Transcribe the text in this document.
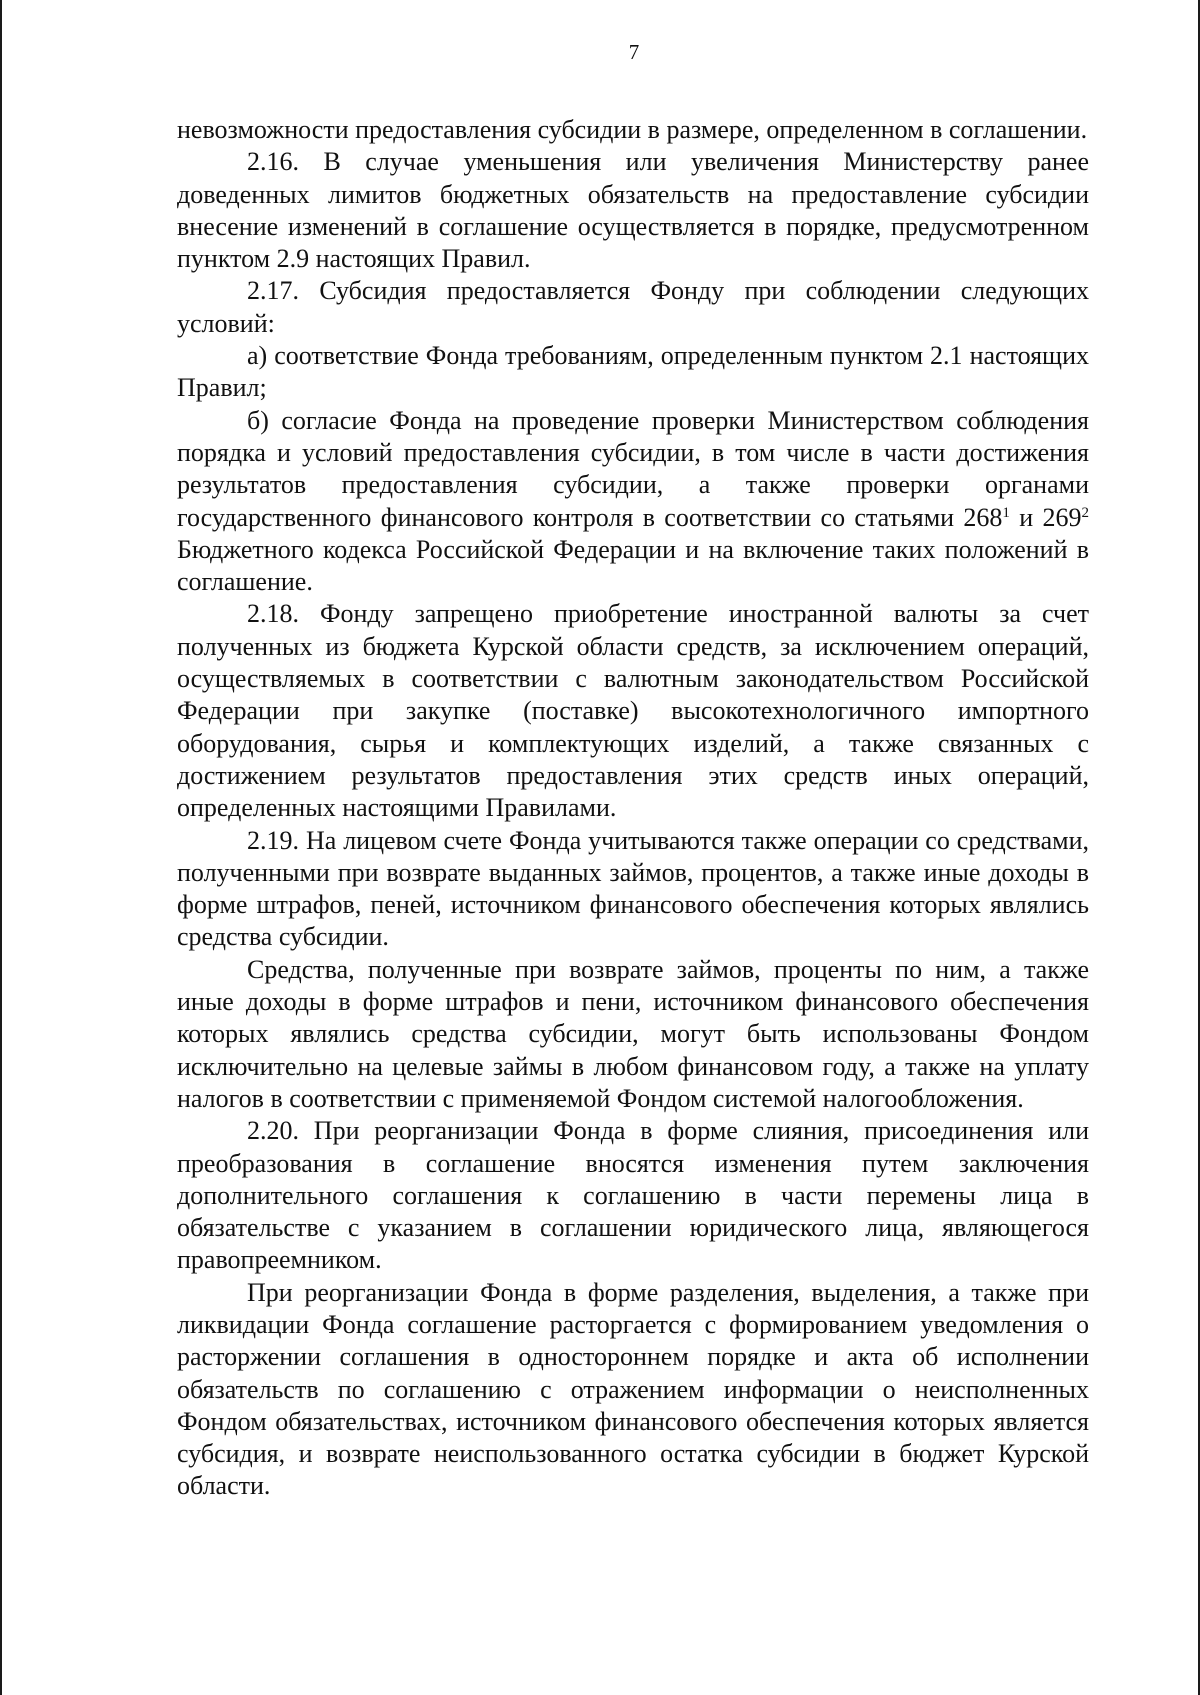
7

невозможности предоставления субсидии в размере, определенном в соглашении.

2.16. В случае уменьшения или увеличения Министерству ранее доведенных лимитов бюджетных обязательств на предоставление субсидии внесение изменений в соглашение осуществляется в порядке, предусмотренном пунктом 2.9 настоящих Правил.

2.17. Субсидия предоставляется Фонду при соблюдении следующих условий:

а) соответствие Фонда требованиям, определенным пунктом 2.1 настоящих Правил;

б) согласие Фонда на проведение проверки Министерством соблюдения порядка и условий предоставления субсидии, в том числе в части достижения результатов предоставления субсидии, а также проверки органами государственного финансового контроля в соответствии со статьями $268^1$ и $269^2$ Бюджетного кодекса Российской Федерации и на включение таких положений в соглашение.

2.18. Фонду запрещено приобретение иностранной валюты за счет полученных из бюджета Курской области средств, за исключением операций, осуществляемых в соответствии с валютным законодательством Российской Федерации при закупке (поставке) высокотехнологичного импортного оборудования, сырья и комплектующих изделий, а также связанных с достижением результатов предоставления этих средств иных операций, определенных настоящими Правилами.

2.19. На лицевом счете Фонда учитываются также операции со средствами, полученными при возврате выданных займов, процентов, а также иные доходы в форме штрафов, пеней, источником финансового обеспечения которых являлись средства субсидии.

Средства, полученные при возврате займов, проценты по ним, а также иные доходы в форме штрафов и пени, источником финансового обеспечения которых являлись средства субсидии, могут быть использованы Фондом исключительно на целевые займы в любом финансовом году, а также на уплату налогов в соответствии с применяемой Фондом системой налогообложения.

2.20. При реорганизации Фонда в форме слияния, присоединения или преобразования в соглашение вносятся изменения путем заключения дополнительного соглашения к соглашению в части перемены лица в обязательстве с указанием в соглашении юридического лица, являющегося правопреемником.

При реорганизации Фонда в форме разделения, выделения, а также при ликвидации Фонда соглашение расторгается с формированием уведомления о расторжении соглашения в одностороннем порядке и акта об исполнении обязательств по соглашению с отражением информации о неисполненных Фондом обязательствах, источником финансового обеспечения которых является субсидия, и возврате неиспользованного остатка субсидии в бюджет Курской области.
